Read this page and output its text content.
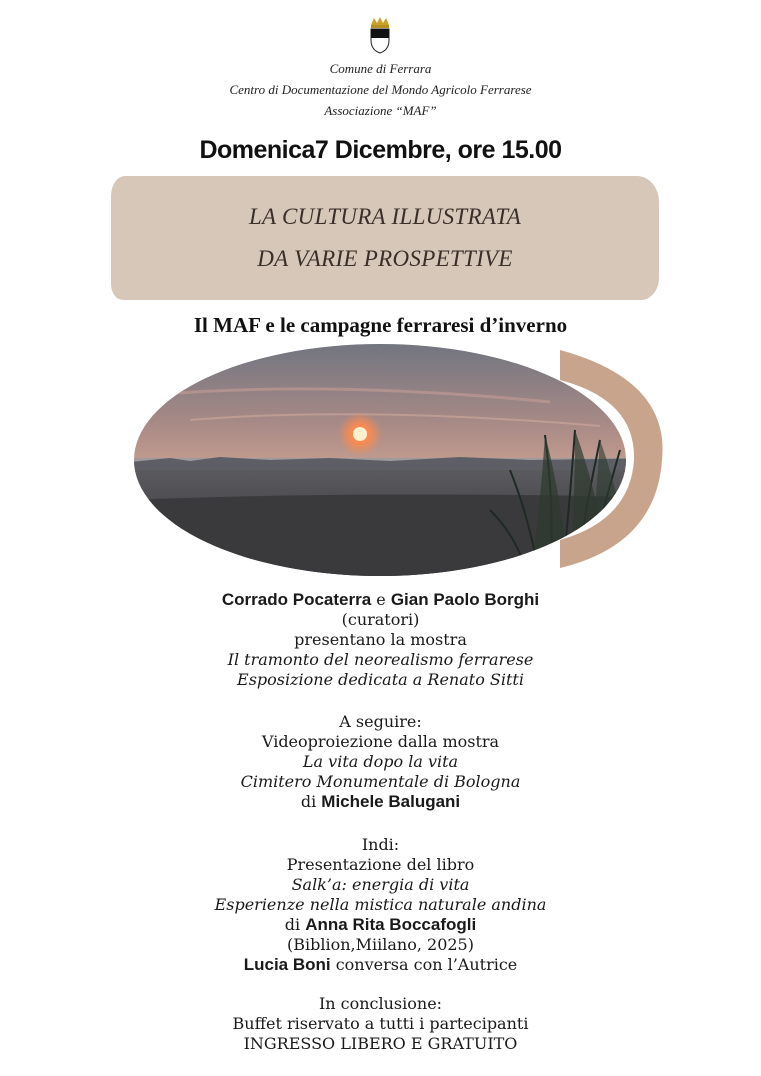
Comune di Ferrara
Centro di Documentazione del Mondo Agricolo Ferrarese
Associazione “MAF”
Domenica7 Dicembre, ore 15.00
LA CULTURA ILLUSTRATA
DA VARIE PROSPETTIVE
Il MAF e le campagne ferraresi d’inverno
Corrado Pocaterra e Gian Paolo Borghi
(curatori)
presentano la mostra
Il tramonto del neorealismo ferrarese
Esposizione dedicata a Renato Sitti
A seguire:
Videoproiezione dalla mostra
La vita dopo la vita
Cimitero Monumentale di Bologna
di Michele Balugani
Indi:
Presentazione del libro
Salk’a: energia di vita
Esperienze nella mistica naturale andina
di Anna Rita Boccafogli
(Biblion,Miilano, 2025)
Lucia Boni conversa con l’Autrice
In conclusione:
Buffet riservato a tutti i partecipanti
INGRESSO LIBERO E GRATUITO
